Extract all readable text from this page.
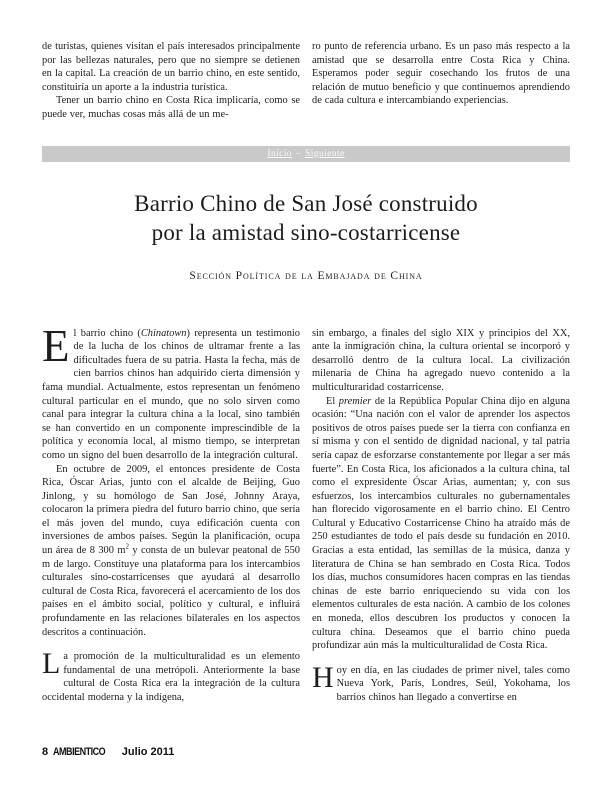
de turistas, quienes visitan el país interesados principalmente por las bellezas naturales, pero que no siempre se detienen en la capital. La creación de un barrio chino, en este sentido, constituiría un aporte a la industria turística.

Tener un barrio chino en Costa Rica implicaría, como se puede ver, muchas cosas más allá de un me-

ro punto de referencia urbano. Es un paso más respecto a la amistad que se desarrolla entre Costa Rica y China. Esperamos poder seguir cosechando los frutos de una relación de mutuo beneficio y que continuemos aprendiendo de cada cultura e intercambiando experiencias.

Inicio – Siguiente
Barrio Chino de San José construido
por la amistad sino-costarricense
Sección Política de la Embajada de China

El barrio chino (Chinatown) representa un testimonio de la lucha de los chinos de ultramar frente a las dificultades fuera de su patria. Hasta la fecha, más de cien barrios chinos han adquirido cierta dimensión y fama mundial. Actualmente, estos representan un fenómeno cultural particular en el mundo, que no solo sirven como canal para integrar la cultura china a la local, sino también se han convertido en un componente imprescindible de la política y economía local, al mismo tiempo, se interpretan como un signo del buen desarrollo de la integración cultural.

En octubre de 2009, el entonces presidente de Costa Rica, Óscar Arias, junto con el alcalde de Beijing, Guo Jinlong, y su homólogo de San José, Johnny Araya, colocaron la primera piedra del futuro barrio chino, que sería el más joven del mundo, cuya edificación cuenta con inversiones de ambos países. Según la planificación, ocupa un área de 8 300 $m^2$ y consta de un bulevar peatonal de 550 m de largo. Constituye una plataforma para los intercambios culturales sino-costarricenses que ayudará al desarrollo cultural de Costa Rica, favorecerá el acercamiento de los dos países en el ámbito social, político y cultural, e influirá profundamente en las relaciones bilaterales en los aspectos descritos a continuación.

La promoción de la multiculturalidad es un elemento fundamental de una metrópoli. Anteriormente la base cultural de Costa Rica era la integración de la cultura occidental moderna y la indígena,

sin embargo, a finales del siglo XIX y principios del XX, ante la inmigración china, la cultura oriental se incorporó y desarrolló dentro de la cultura local. La civilización milenaria de China ha agregado nuevo contenido a la multiculturaridad costarricense.

El premier de la República Popular China dijo en alguna ocasión: “Una nación con el valor de aprender los aspectos positivos de otros países puede ser la tierra con confianza en sí misma y con el sentido de dignidad nacional, y tal patria sería capaz de esforzarse constantemente por llegar a ser más fuerte”. En Costa Rica, los aficionados a la cultura china, tal como el expresidente Óscar Arias, aumentan; y, con sus esfuerzos, los intercambios culturales no gubernamentales han florecido vigorosamente en el barrio chino. El Centro Cultural y Educativo Costarricense Chino ha atraído más de 250 estudiantes de todo el país desde su fundación en 2010. Gracias a esta entidad, las semillas de la música, danza y literatura de China se han sembrado en Costa Rica. Todos los días, muchos consumidores hacen compras en las tiendas chinas de este barrio enriqueciendo su vida con los elementos culturales de esta nación. A cambio de los colones en moneda, ellos descubren los productos y conocen la cultura china. Deseamos que el barrio chino pueda profundizar aún más la multiculturalidad de Costa Rica.

Hoy en día, en las ciudades de primer nivel, tales como Nueva York, París, Londres, Seúl, Yokohama, los barrios chinos han llegado a convertirse en

8 AMBIENTICO Julio 2011
